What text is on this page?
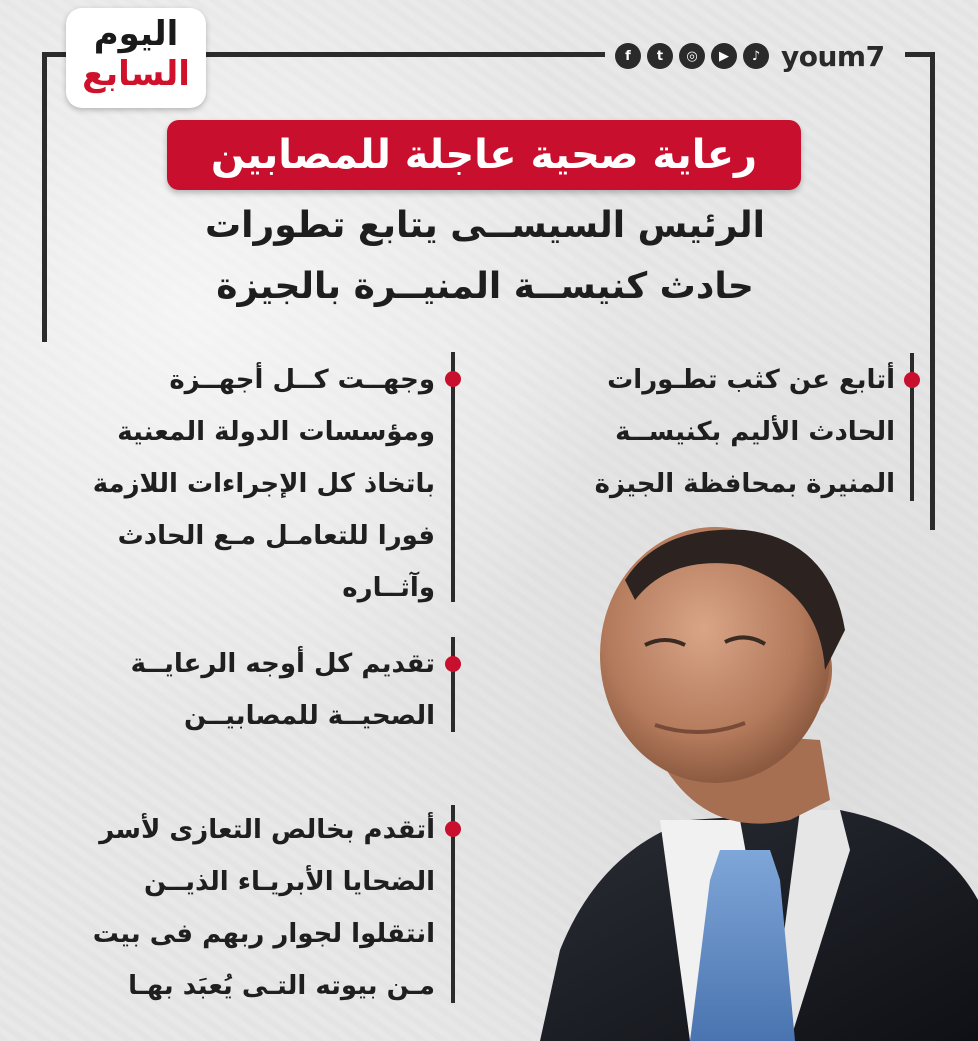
اليوم
السابع	f	t	◎	▶	♪ youm7
رعاية صحية عاجلة للمصابين
الرئيس السيســى يتابع تطورات
حادث كنيســة المنيــرة بالجيزة
أتابع عن كثب تطـورات
الحادث الأليم بكنيســة
المنيرة بمحافظة الجيزة
وجهــت كــل أجهــزة
ومؤسسات الدولة المعنية
باتخاذ كل الإجراءات اللازمة
فورا للتعامـل مـع الحادث
وآثــاره
تقديم كل أوجه الرعايــة
الصحيــة للمصابيــن
أتقدم بخالص التعازى لأسر
الضحايا الأبريـاء الذيــن
انتقلوا لجوار ربهم فى بيت
مـن بيوته التـى يُعبَد بهـا
